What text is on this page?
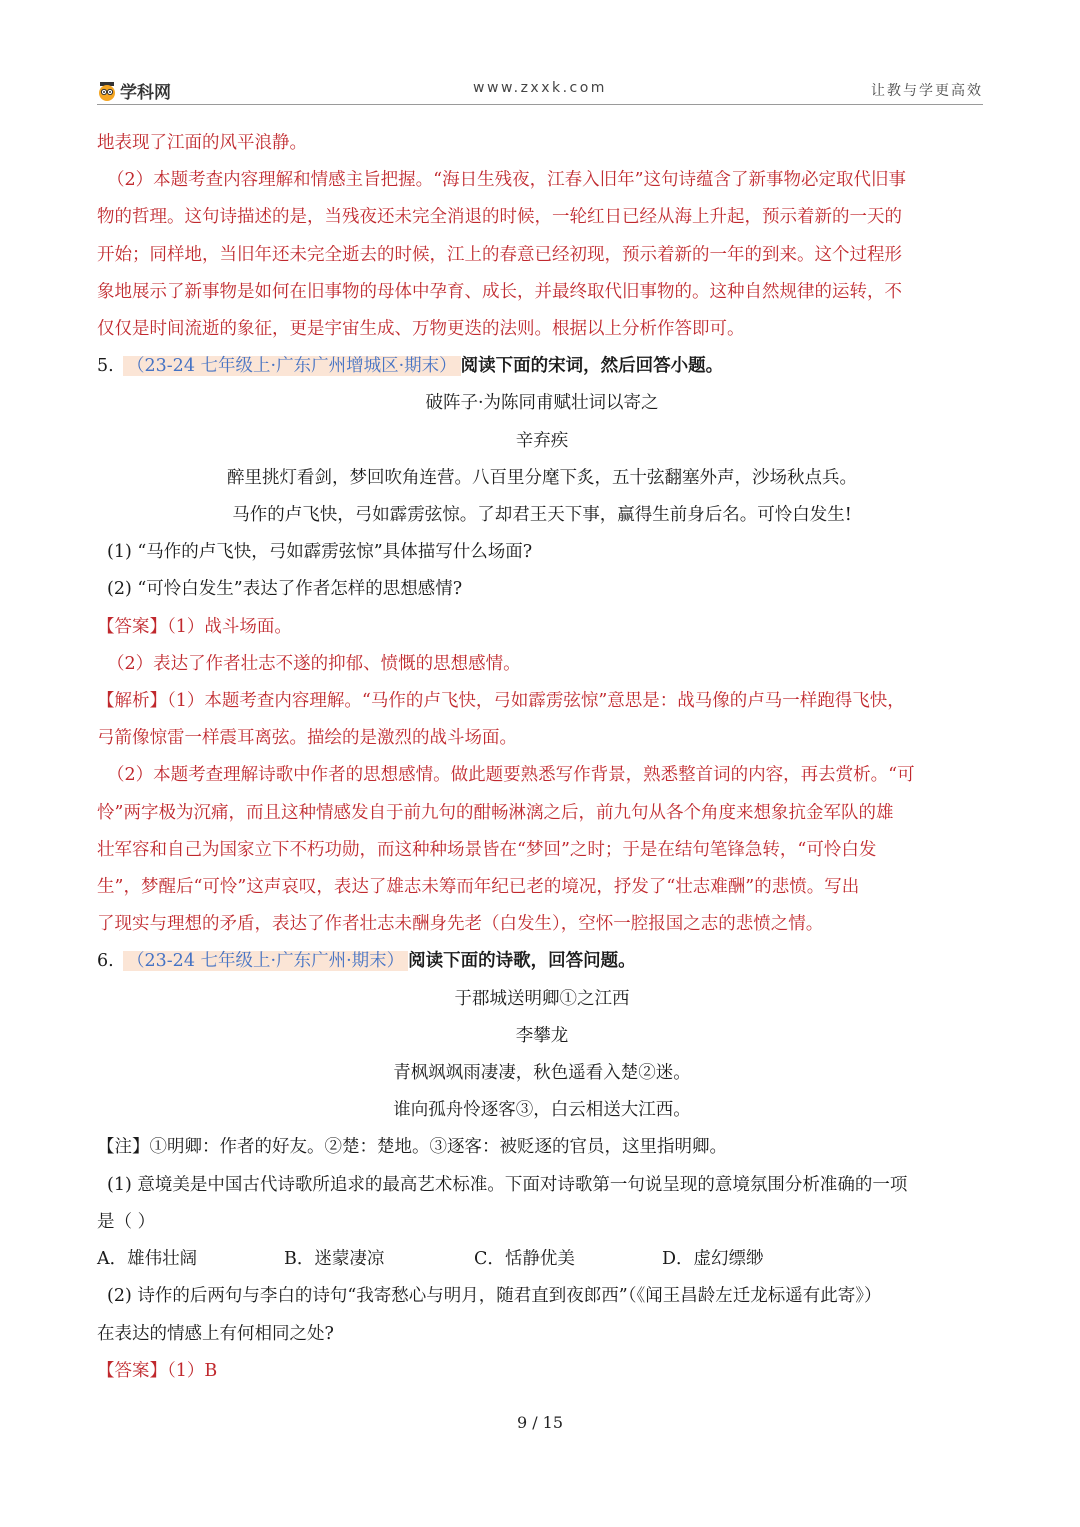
学科网	www.zxxk.com	让教与学更高效
地表现了江面的风平浪静。
（2）本题考查内容理解和情感主旨把握。“海日生残夜，江春入旧年”这句诗蕴含了新事物必定取代旧事
物的哲理。这句诗描述的是，当残夜还未完全消退的时候，一轮红日已经从海上升起，预示着新的一天的
开始；同样地，当旧年还未完全逝去的时候，江上的春意已经初现，预示着新的一年的到来。这个过程形
象地展示了新事物是如何在旧事物的母体中孕育、成长，并最终取代旧事物的。这种自然规律的运转，不
仅仅是时间流逝的象征，更是宇宙生成、万物更迭的法则。根据以上分析作答即可。
5. （23-24 七年级上·广东广州增城区·期末） 阅读下面的宋词，然后回答小题。
破阵子·为陈同甫赋壮词以寄之
辛弃疾
醉里挑灯看剑，梦回吹角连营。八百里分麾下炙，五十弦翻塞外声，沙场秋点兵。
马作的卢飞快，弓如霹雳弦惊。了却君王天下事，赢得生前身后名。可怜白发生!
(1) “马作的卢飞快，弓如霹雳弦惊”具体描写什么场面?
(2) “可怜白发生”表达了作者怎样的思想感情?
【答案】（1）战斗场面。
（2）表达了作者壮志不遂的抑郁、愤慨的思想感情。
【解析】（1）本题考查内容理解。“马作的卢飞快，弓如霹雳弦惊”意思是：战马像的卢马一样跑得飞快，
弓箭像惊雷一样震耳离弦。描绘的是激烈的战斗场面。
（2）本题考查理解诗歌中作者的思想感情。做此题要熟悉写作背景，熟悉整首词的内容，再去赏析。“可
怜”两字极为沉痛，而且这种情感发自于前九句的酣畅淋漓之后，前九句从各个角度来想象抗金军队的雄
壮军容和自己为国家立下不朽功勋，而这种种场景皆在“梦回”之时；于是在结句笔锋急转，“可怜白发
生”，梦醒后“可怜”这声哀叹，表达了雄志未筹而年纪已老的境况，抒发了“壮志难酬”的悲愤。写出
了现实与理想的矛盾，表达了作者壮志未酬身先老（白发生），空怀一腔报国之志的悲愤之情。
6. （23-24 七年级上·广东广州·期末） 阅读下面的诗歌，回答问题。
于郡城送明卿①之江西
李攀龙
青枫飒飒雨凄凄，秋色遥看入楚②迷。
谁向孤舟怜逐客③，白云相送大江西。
【注】①明卿：作者的好友。②楚：楚地。③逐客：被贬逐的官员，这里指明卿。
(1) 意境美是中国古代诗歌所追求的最高艺术标准。下面对诗歌第一句说呈现的意境氛围分析准确的一项
是（ ）
A．雄伟壮阔	B．迷蒙凄凉	C．恬静优美	D．虚幻缥缈
(2) 诗作的后两句与李白的诗句“我寄愁心与明月，随君直到夜郎西”（《闻王昌龄左迁龙标遥有此寄》）
在表达的情感上有何相同之处?
【答案】（1）B
9 / 15
